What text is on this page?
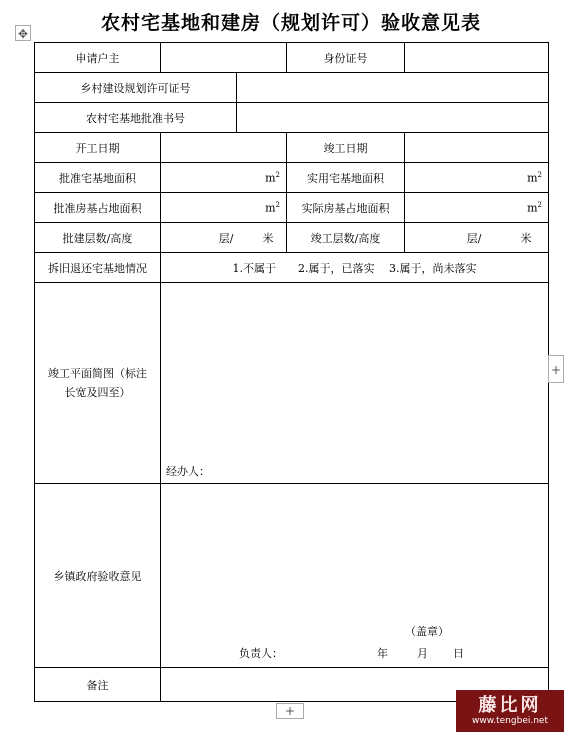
农村宅基地和建房（规划许可）验收意见表
✥
申请户主			身份证号	
乡村建设规划许可证号				
农村宅基地批准书号				
开工日期			竣工日期	
批准宅基地面积	$m^2$		实用宅基地面积	$m^2$
批准房基占地面积	$m^2$		实际房基占地面积	$m^2$
批建层数/高度	层/ 米		竣工层数/高度	层/ 米
拆旧退还宅基地情况	1.不属于　　2.属于，已落实　 3.属于，尚未落实			
竣工平面简图（标注长宽及四至）	经办人：			

乡镇政府验收意见	（盖章）
负责人： 年 月 日			

备注				
+
+	藤比网
www.tengbei.net
